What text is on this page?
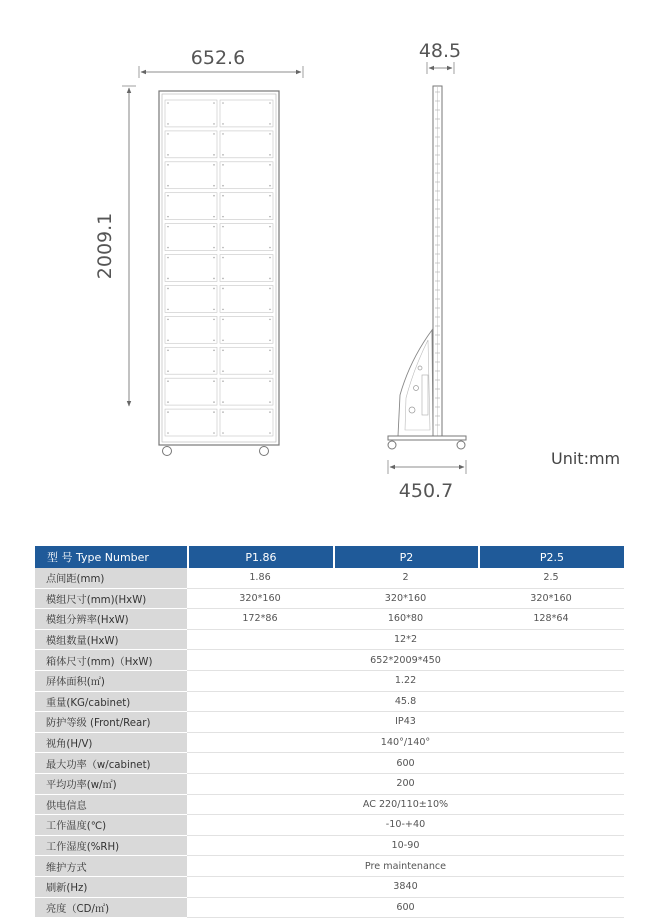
652.6
2009.1
48.5
450.7
Unit:mm
型 号 Type Number	P1.86	P2	P2.5
点间距(mm)	1.86	2	2.5
模组尺寸(mm)(HxW)	320*160	320*160	320*160
模组分辨率(HxW)	172*86	160*80	128*64
模组数量(HxW)	12*2		
箱体尺寸(mm)（HxW)	652*2009*450		
屏体面积(㎡)	1.22		
重量(KG/cabinet)	45.8		
防护等级 (Front/Rear)	IP43		
视角(H/V)	140°/140°		
最大功率（w/cabinet)	600		
平均功率(w/㎡)	200		
供电信息	AC 220/110±10%		
工作温度(℃)	-10-+40		
工作湿度(%RH)	10-90		
维护方式	Pre maintenance		
刷新(Hz)	3840		
亮度（CD/㎡)	600		
